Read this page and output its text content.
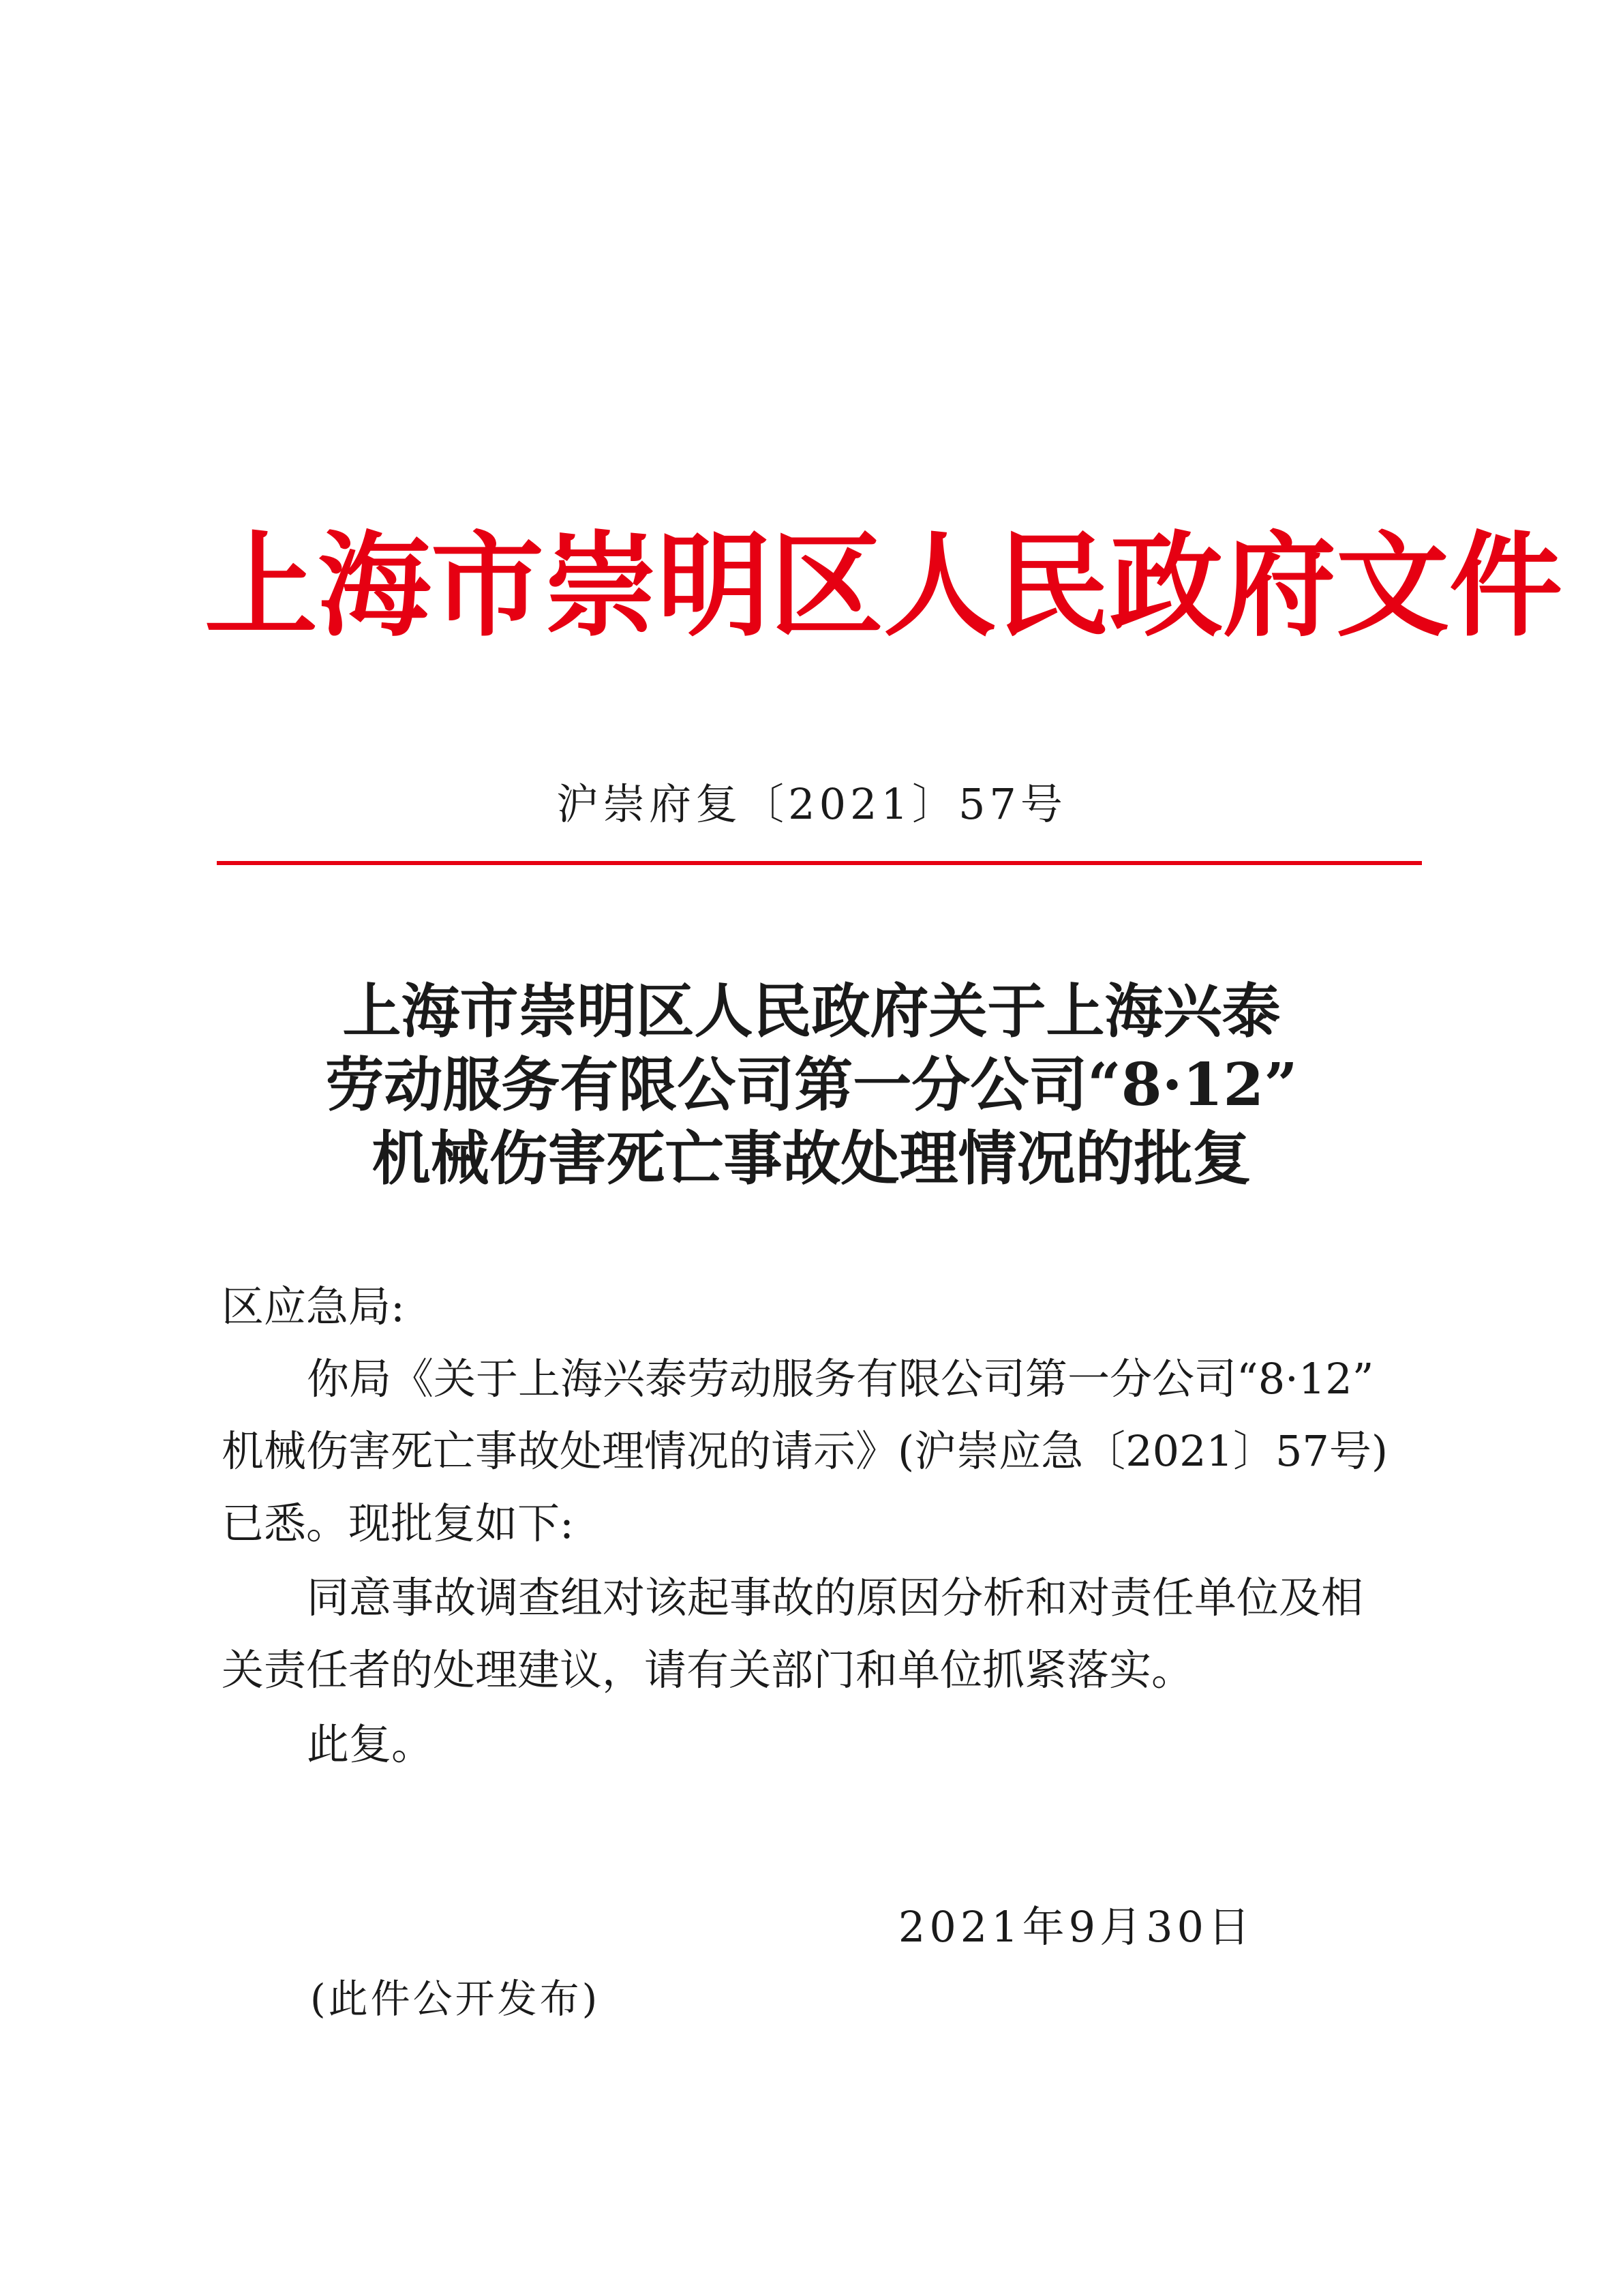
上海市崇明区人民政府文件
沪崇府复〔2021〕57号
上海市崇明区人民政府关于上海兴泰
劳动服务有限公司第一分公司“8·12”
机械伤害死亡事故处理情况的批复
区应急局:
你局《关于上海兴泰劳动服务有限公司第一分公司“8·12”
机械伤害死亡事故处理情况的请示》(沪崇应急〔2021〕57号)
已悉。现批复如下:
同意事故调查组对该起事故的原因分析和对责任单位及相
关责任者的处理建议，请有关部门和单位抓紧落实。
此复。
2021年9月30日
(此件公开发布)
